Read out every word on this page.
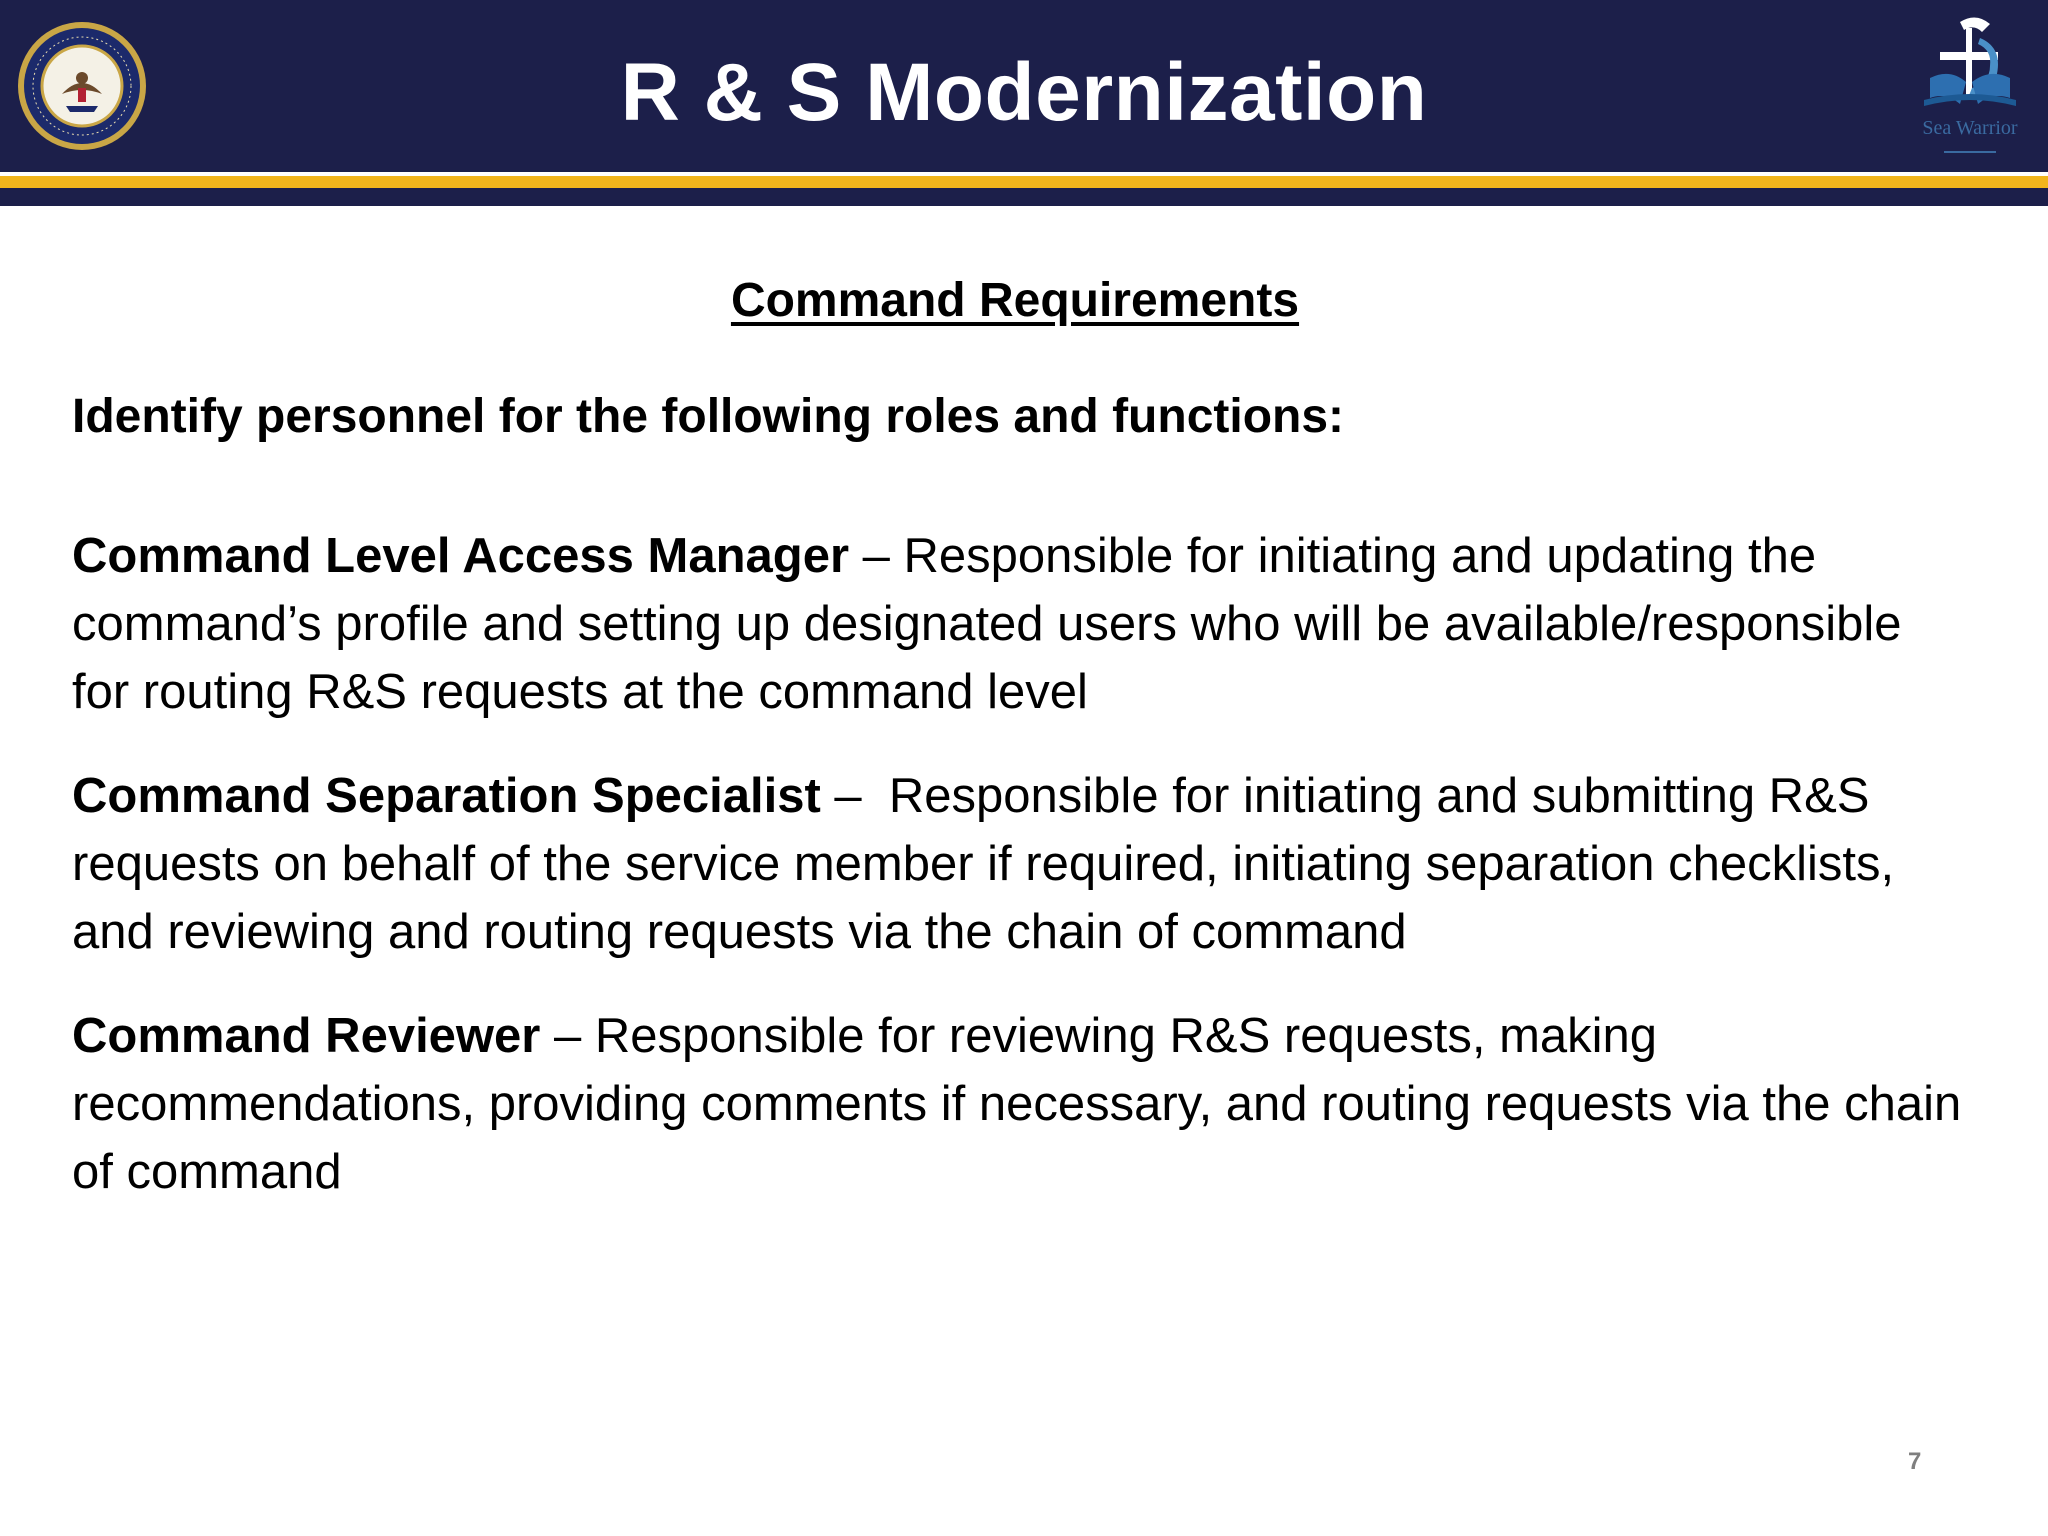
R & S Modernization	Sea Warrior
Command Requirements
Identify personnel for the following roles and functions:

Command Level Access Manager – Responsible for initiating and updating the command’s profile and setting up designated users who will be available/responsible for routing R&S requests at the command level

Command Separation Specialist –  Responsible for initiating and submitting R&S requests on behalf of the service member if required, initiating separation checklists, and reviewing and routing requests via the chain of command

Command Reviewer – Responsible for reviewing R&S requests, making recommendations, providing comments if necessary, and routing requests via the chain of command

7
